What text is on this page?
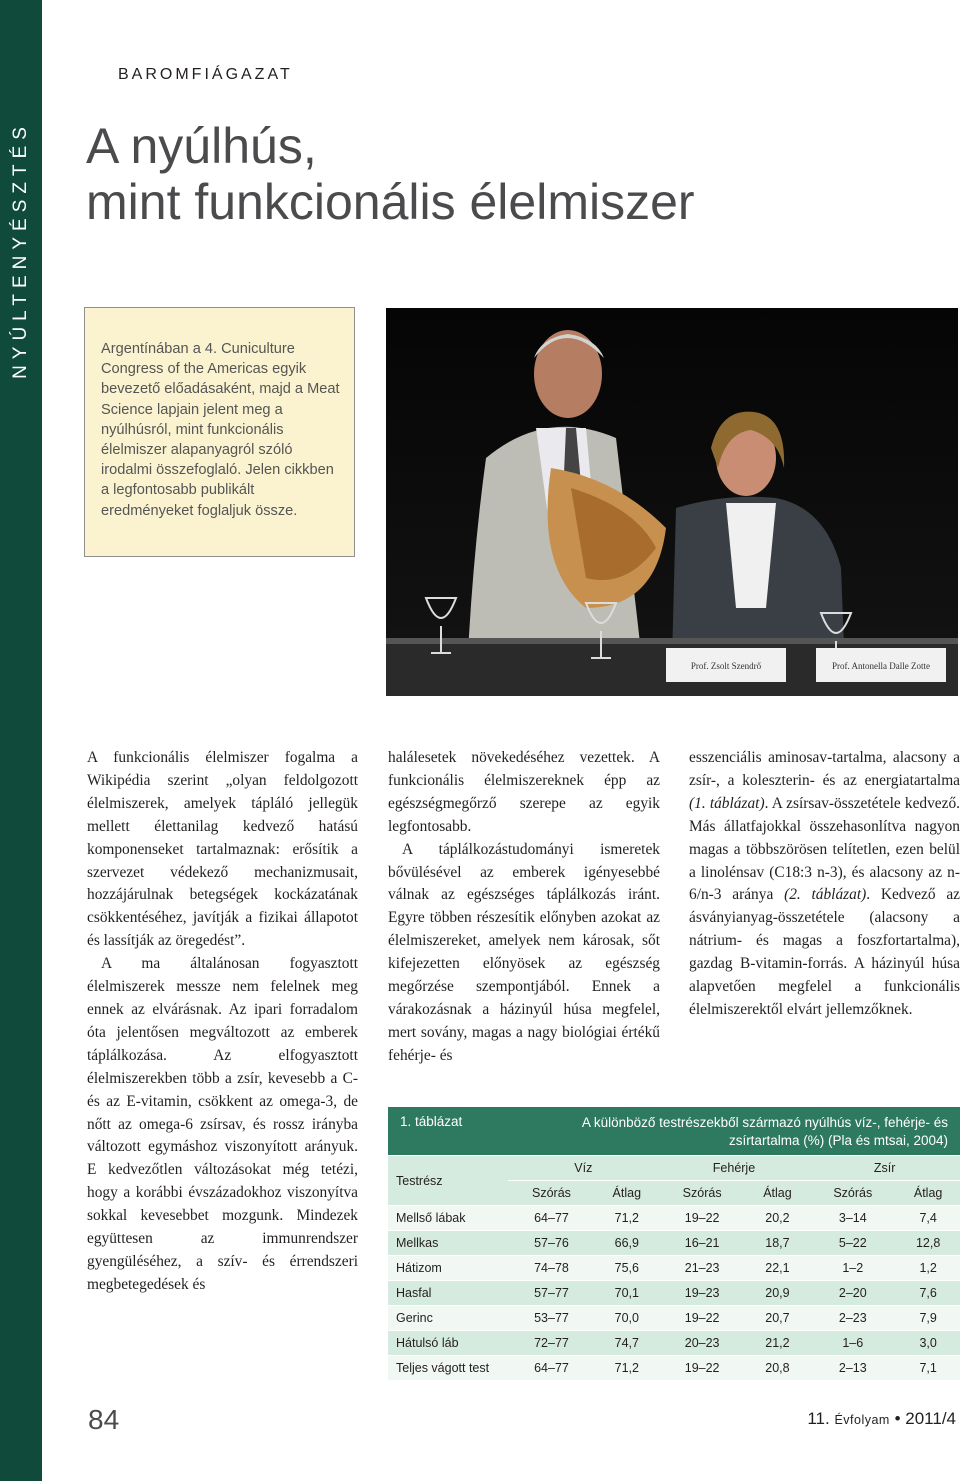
NYÚLTENYÉSZTÉS
BAROMFIÁGAZAT
A nyúlhús,
mint funkcionális élelmiszer
Argentínában a 4. Cuniculture Congress of the Americas egyik bevezető előadásaként, majd a Meat Science lapjain jelent meg a nyúlhúsról, mint funkcionális élelmiszer alapanyagról szóló irodalmi összefoglaló. Jelen cikkben a legfontosabb publikált eredményeket foglaljuk össze.
Prof. Zsolt Szendrő	Prof. Antonella Dalle Zotte

A funkcionális élelmiszer fogalma a Wikipédia szerint „olyan feldolgozott élelmiszerek, amelyek tápláló jellegük mellett élettanilag kedvező hatású komponenseket tartalmaznak: erősítik a szervezet védekező mechanizmusait, hozzájárulnak betegségek kockázatának csökkentéséhez, javítják a fizikai állapotot és lassítják az öregedést”.

A ma általánosan fogyasztott élelmiszerek messze nem felelnek meg ennek az elvárásnak. Az ipari forradalom óta jelentősen megváltozott az emberek táplálkozása. Az elfogyasztott élelmiszerekben több a zsír, kevesebb a C- és az E-vitamin, csökkent az omega-3, de nőtt az omega-6 zsírsav, és rossz irányba változott egymáshoz viszonyított arányuk. E kedvezőtlen változásokat még tetézi, hogy a korábbi évszázadokhoz viszonyítva sokkal kevesebbet mozgunk. Mindezek együttesen az immunrendszer gyengüléséhez, a szív- és érrendszeri megbetegedések és

halálesetek növekedéséhez vezettek. A funkcionális élelmiszereknek épp az egészségmegőrző szerepe az egyik legfontosabb.

A táplálkozástudományi ismeretek bővülésével az emberek igényesebbé válnak az egészséges táplálkozás iránt. Egyre többen részesítik előnyben azokat az élelmiszereket, amelyek nem károsak, sőt kifejezetten előnyösek az egészség megőrzése szempontjából. Ennek a várakozásnak a házinyúl húsa megfelel, mert sovány, magas a nagy biológiai értékű fehérje- és

esszenciális aminosav-tartalma, alacsony a zsír-, a koleszterin- és az energiatartalma (1. táblázat). A zsírsav-összetétele kedvező. Más állatfajokkal összehasonlítva nagyon magas a többszörösen telítetlen, ezen belül a linolénsav (C18:3 n-3), és alacsony az n-6/n-3 aránya (2. táblázat). Kedvező az ásványianyag-összetétele (alacsony a nátrium- és magas a foszfortartalma), gazdag B-vitamin-forrás. A házinyúl húsa alapvetően megfelel a funkcionális élelmiszerektől elvárt jellemzőknek.

1. táblázat	A különböző testrészekből származó nyúlhús víz-, fehérje- és zsírtartalma (%) (Pla és mtsai, 2004)
Testrész	Víz		Fehérje		Zsír	
	Szórás	Átlag	Szórás	Átlag	Szórás	Átlag
Mellső lábak	64–77	71,2	19–22	20,2	3–14	7,4
Mellkas	57–76	66,9	16–21	18,7	5–22	12,8
Hátizom	74–78	75,6	21–23	22,1	1–2	1,2
Hasfal	57–77	70,1	19–23	20,9	2–20	7,6
Gerinc	53–77	70,0	19–22	20,7	2–23	7,9
Hátulsó láb	72–77	74,7	20–23	21,2	1–6	3,0
Teljes vágott test	64–77	71,2	19–22	20,8	2–13	7,1
84	11. Évfolyam • 2011/4
